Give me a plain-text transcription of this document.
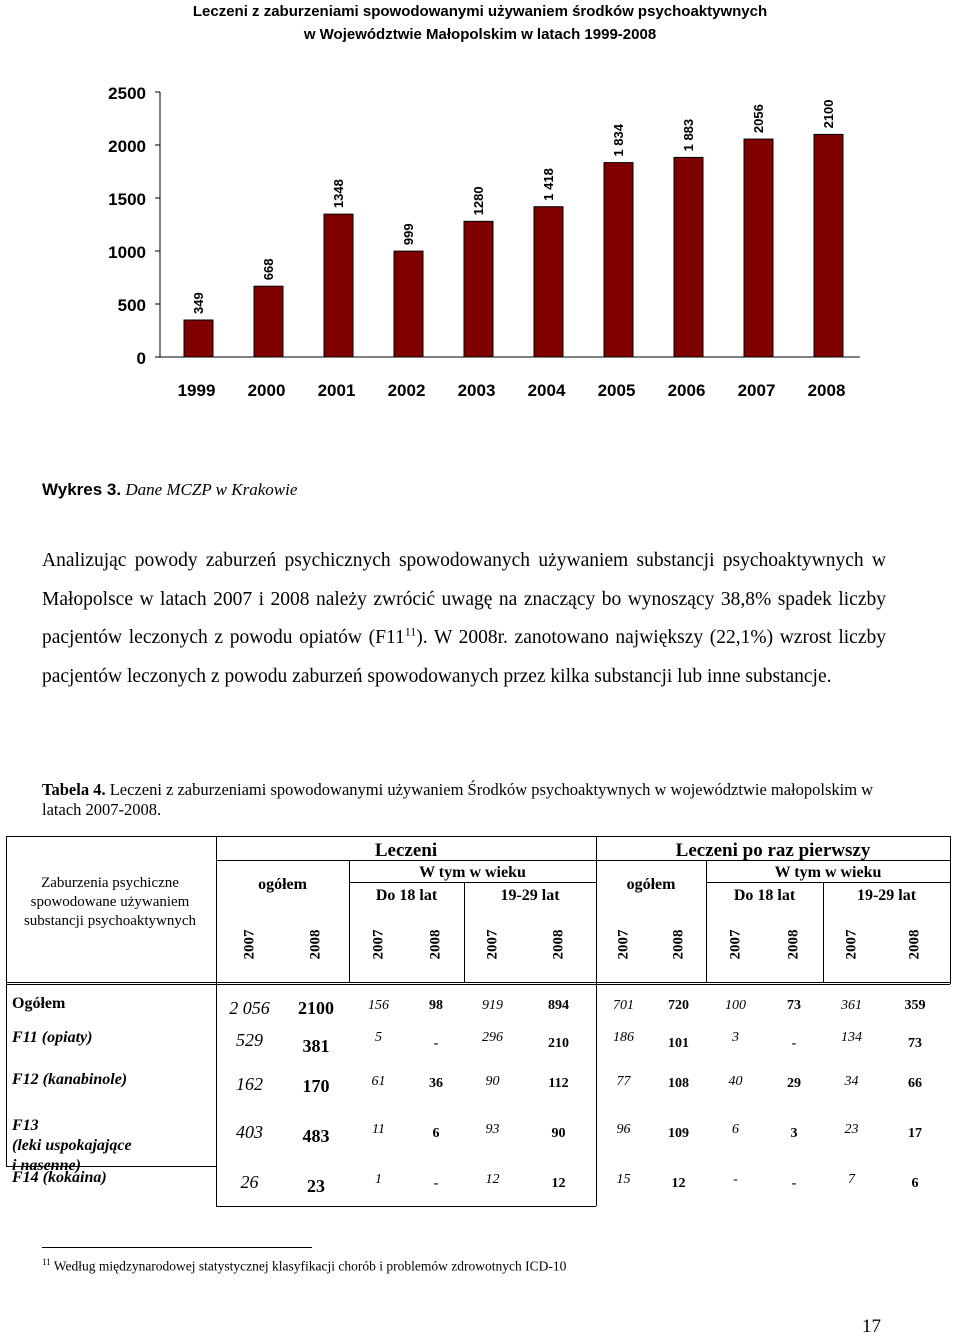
Leczeni z zaburzeniami spowodowanymi używaniem środków psychoaktywnych
w Województwie Małopolskim w latach 1999-2008
0
500
1000
1500
2000
2500
349
1999
668
2000
1348
2001
999
2002
1280
2003
1 418
2004
1 834
2005
1 883
2006
2056
2007
2100
2008
Wykres 3. Dane MCZP w Krakowie

Analizując powody zaburzeń psychicznych spowodowanych używaniem substancji psychoaktywnych w Małopolsce w latach 2007 i 2008 należy zwrócić uwagę na znaczący bo wynoszący 38,8% spadek liczby pacjentów leczonych z powodu opiatów $(F11^{11})$. W 2008r. zanotowano największy (22,1%) wzrost liczby pacjentów leczonych z powodu zaburzeń spowodowanych przez kilka substancji lub inne substancje.

Tabela 4. Leczeni z zaburzeniami spowodowanymi używaniem Środków psychoaktywnych w województwie małopolskim w latach 2007-2008.
Zaburzenia psychiczne spowodowane używaniem substancji psychoaktywnych
Leczeni	Leczeni po raz pierwszy
ogółem	ogółem
W tym w wieku	W tym w wieku
Do 18 lat	19-29 lat	Do 18 lat	19-29 lat
2007	2008	2007	2008	2007	2008	2007	2008	2007	2008	2007	2008
Ogółem	2 056	2100	156	98	919	894	701	720	100	73	361	359
F11 (opiaty)	529	381	5	-	296	210	186	101	3	-	134	73
F12 (kanabinole)	162	170	61	36	90	112	77	108	40	29	34	66
F13
(leki uspokajające
i nasenne)
403	483	11	6	93	90	96	109	6	3	23	17
F14 (kokaina)	26	23	1	-	12	12	15	12	-	-	7	6
$^{11}$ Według międzynarodowej statystycznej klasyfikacji chorób i problemów zdrowotnych ICD-10
17
